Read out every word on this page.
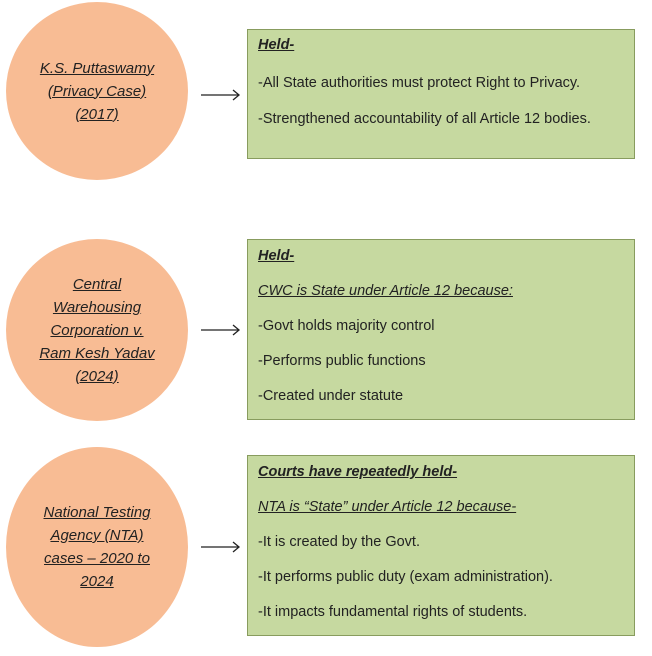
K.S. Puttaswamy
(Privacy Case)
(2017)
Held-
-All State authorities must protect Right to Privacy.
-Strengthened accountability of all Article 12 bodies.
Central
Warehousing
Corporation v.
Ram Kesh Yadav
(2024)
Held-
CWC is State under Article 12 because:
-Govt holds majority control
-Performs public functions
-Created under statute
National Testing
Agency (NTA)
cases – 2020 to
2024
Courts have repeatedly held-
NTA is “State” under Article 12 because-
-It is created by the Govt.
-It performs public duty (exam administration).
-It impacts fundamental rights of students.
